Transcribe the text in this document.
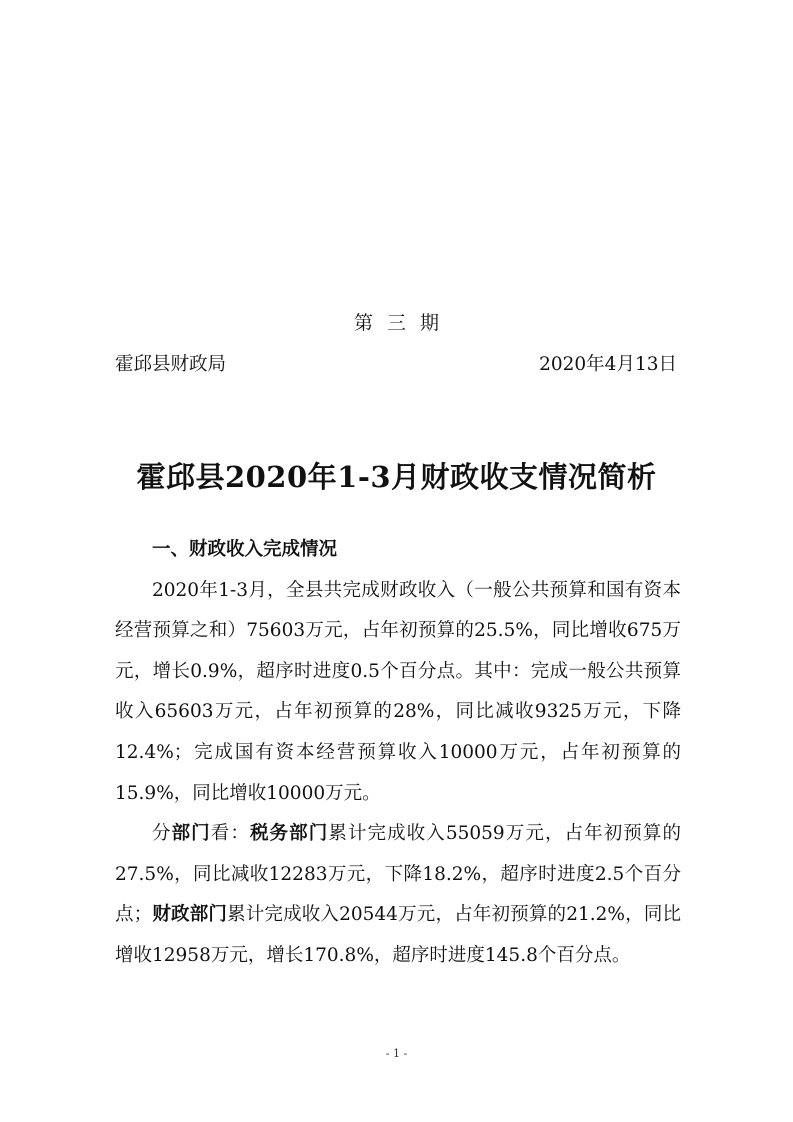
第三期
霍邱县财政局	2020年4月13日
霍邱县2020年1-3月财政收支情况简析

一、财政收入完成情况

2020年1-3月，全县共完成财政收入（一般公共预算和国有资本经营预算之和）75603万元，占年初预算的25.5%，同比增收675万元，增长0.9%，超序时进度0.5个百分点。其中：完成一般公共预算收入65603万元，占年初预算的28%，同比减收9325万元，下降12.4%；完成国有资本经营预算收入10000万元，占年初预算的15.9%，同比增收10000万元。

分部门看：税务部门累计完成收入55059万元，占年初预算的27.5%，同比减收12283万元，下降18.2%，超序时进度2.5个百分点；财政部门累计完成收入20544万元，占年初预算的21.2%，同比增收12958万元，增长170.8%，超序时进度145.8个百分点。

- 1 -
